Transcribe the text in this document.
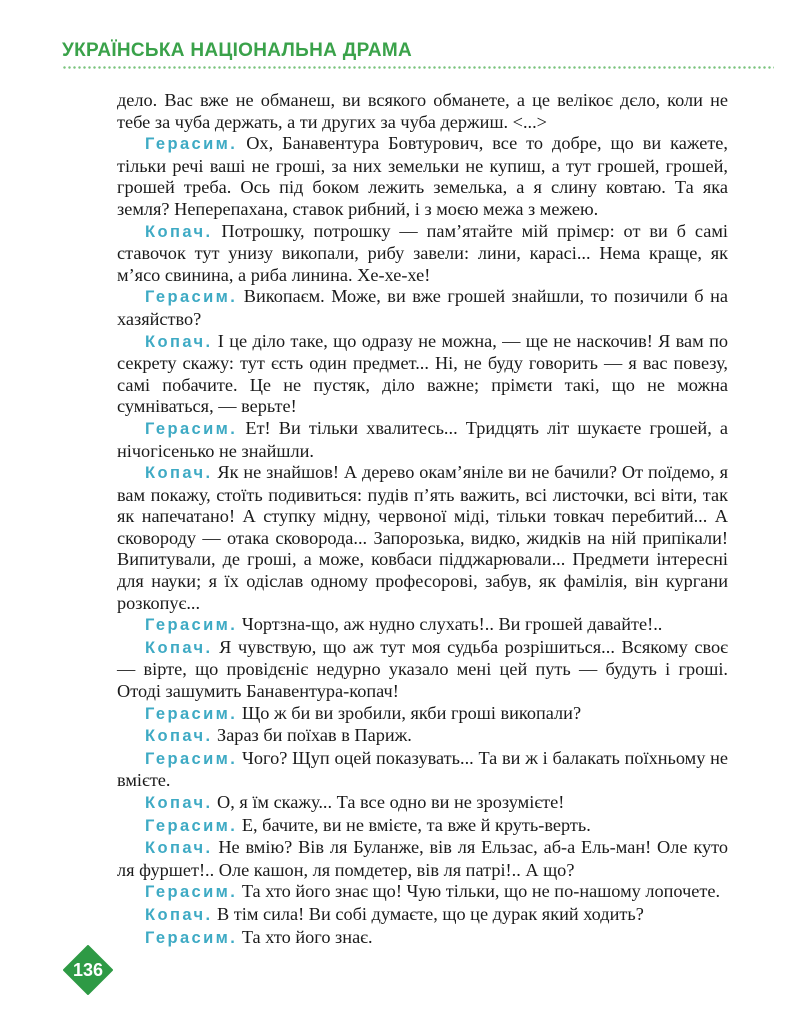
УКРАЇНСЬКА НАЦІОНАЛЬНА ДРАМА

дело. Вас вже не обманеш, ви всякого обманете, а це велікоє дєло, коли не тебе за чуба держать, а ти других за чуба держиш. <...>

Герасим. Ох, Банавентура Бовтурович, все то добре, що ви кажете, тільки речі ваші не гроші, за них земельки не купиш, а тут грошей, грошей, грошей треба. Ось під боком лежить земелька, а я слину ковтаю. Та яка земля? Неперепахана, ставок рибний, і з моєю межа з межею.

Копач. Потрошку, потрошку — пам’ятайте мій прімєр: от ви б самі ставочок тут унизу викопали, рибу завели: лини, карасі... Нема краще, як м’ясо свинина, а риба линина. Хе-хе-хе!

Герасим. Викопаєм. Може, ви вже грошей знайшли, то позичили б на хазяйство?

Копач. І це діло таке, що одразу не можна, — ще не наскочив! Я вам по секрету скажу: тут єсть один предмет... Ні, не буду говорить — я вас повезу, самі побачите. Це не пустяк, діло важне; прімєти такі, що не можна сумніваться, — верьте!

Герасим. Ет! Ви тільки хвалитесь... Тридцять літ шукаєте грошей, а нічогісенько не знайшли.

Копач. Як не знайшов! А дерево окам’яніле ви не бачили? От поїдемо, я вам покажу, стоїть подивиться: пудів п’ять важить, всі листочки, всі віти, так як напечатано! А ступку мідну, червоної міді, тільки товкач перебитий... А сковороду — отака сковорода... Запорозька, видко, жидків на ній припікали! Випитували, де гроші, а може, ковбаси підджарювали... Предмети інтересні для науки; я їх одіслав одному професорові, забув, як фамілія, він кургани розкопує...

Герасим. Чортзна-що, аж нудно слухать!.. Ви грошей давайте!..

Копач. Я чувствую, що аж тут моя судьба розрішиться... Всякому своє — вірте, що провідєніє недурно указало мені цей путь — будуть і гроші. Отоді зашумить Банавентура-копач!

Герасим. Що ж би ви зробили, якби гроші викопали?

Копач. Зараз би поїхав в Париж.

Герасим. Чого? Щуп оцей показувать... Та ви ж і балакать поїхньому не вмієте.

Копач. О, я їм скажу... Та все одно ви не зрозумієте!

Герасим. Е, бачите, ви не вмієте, та вже й круть-верть.

Копач. Не вмію? Вів ля Буланже, вів ля Ельзас, аб-а Ель-ман! Оле куто ля фуршет!.. Оле кашон, ля помдетер, вів ля патрі!.. А що?

Герасим. Та хто його знає що! Чую тільки, що не по-нашому лопочете.

Копач. В тім сила! Ви собі думаєте, що це дурак який ходить?

Герасим. Та хто його знає.

136
